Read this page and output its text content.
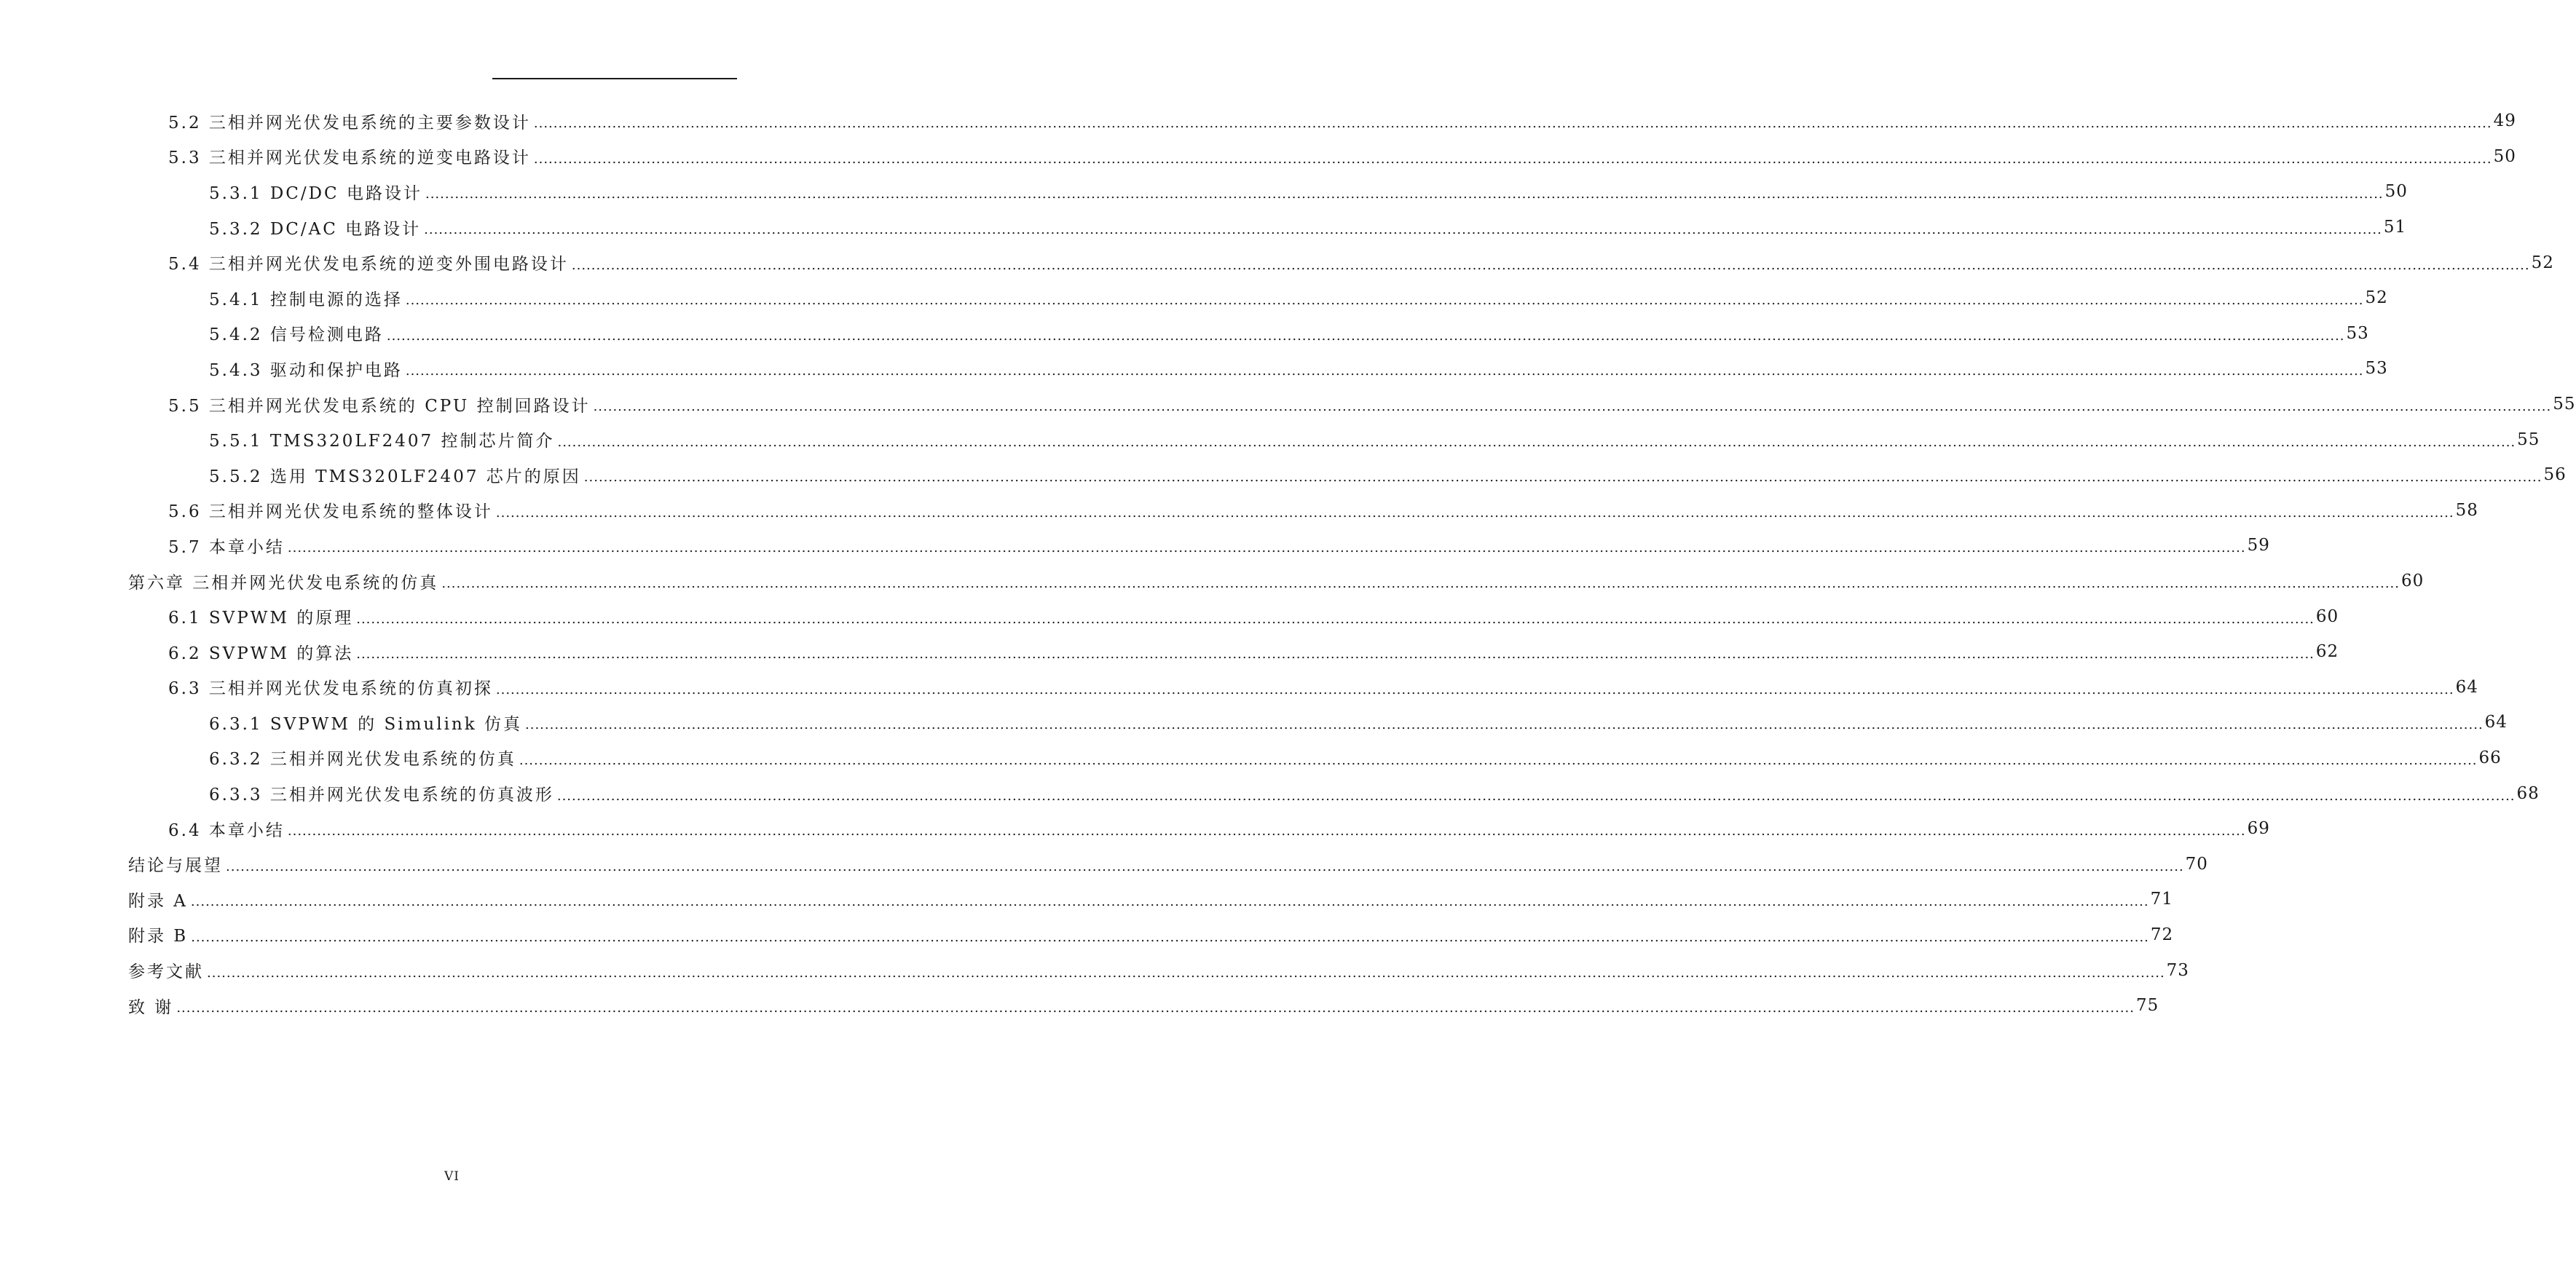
5.2 三相并网光伏发电系统的主要参数设计 ................................................................................................................................................................................................................................................................................................................................................................................................................ 49
5.3 三相并网光伏发电系统的逆变电路设计 ................................................................................................................................................................................................................................................................................................................................................................................................................ 50
5.3.1 DC/DC 电路设计 ................................................................................................................................................................................................................................................................................................................................................................................................................ 50
5.3.2 DC/AC 电路设计 ................................................................................................................................................................................................................................................................................................................................................................................................................ 51
5.4 三相并网光伏发电系统的逆变外围电路设计 ................................................................................................................................................................................................................................................................................................................................................................................................................ 52
5.4.1 控制电源的选择 ................................................................................................................................................................................................................................................................................................................................................................................................................ 52
5.4.2 信号检测电路 ................................................................................................................................................................................................................................................................................................................................................................................................................ 53
5.4.3 驱动和保护电路 ................................................................................................................................................................................................................................................................................................................................................................................................................ 53
5.5 三相并网光伏发电系统的 CPU 控制回路设计 ................................................................................................................................................................................................................................................................................................................................................................................................................ 55
5.5.1 TMS320LF2407 控制芯片简介 ................................................................................................................................................................................................................................................................................................................................................................................................................ 55
5.5.2 选用 TMS320LF2407 芯片的原因 ................................................................................................................................................................................................................................................................................................................................................................................................................ 56
5.6 三相并网光伏发电系统的整体设计 ................................................................................................................................................................................................................................................................................................................................................................................................................ 58
5.7 本章小结 ................................................................................................................................................................................................................................................................................................................................................................................................................ 59
第六章 三相并网光伏发电系统的仿真 ................................................................................................................................................................................................................................................................................................................................................................................................................ 60
6.1 SVPWM 的原理 ................................................................................................................................................................................................................................................................................................................................................................................................................ 60
6.2 SVPWM 的算法 ................................................................................................................................................................................................................................................................................................................................................................................................................ 62
6.3 三相并网光伏发电系统的仿真初探 ................................................................................................................................................................................................................................................................................................................................................................................................................ 64
6.3.1 SVPWM 的 Simulink 仿真 ................................................................................................................................................................................................................................................................................................................................................................................................................ 64
6.3.2 三相并网光伏发电系统的仿真 ................................................................................................................................................................................................................................................................................................................................................................................................................ 66
6.3.3 三相并网光伏发电系统的仿真波形 ................................................................................................................................................................................................................................................................................................................................................................................................................ 68
6.4 本章小结 ................................................................................................................................................................................................................................................................................................................................................................................................................ 69
结论与展望 ................................................................................................................................................................................................................................................................................................................................................................................................................ 70
附录 A ................................................................................................................................................................................................................................................................................................................................................................................................................ 71
附录 B ................................................................................................................................................................................................................................................................................................................................................................................................................ 72
参考文献 ................................................................................................................................................................................................................................................................................................................................................................................................................ 73
致 谢 ................................................................................................................................................................................................................................................................................................................................................................................................................ 75
VI
